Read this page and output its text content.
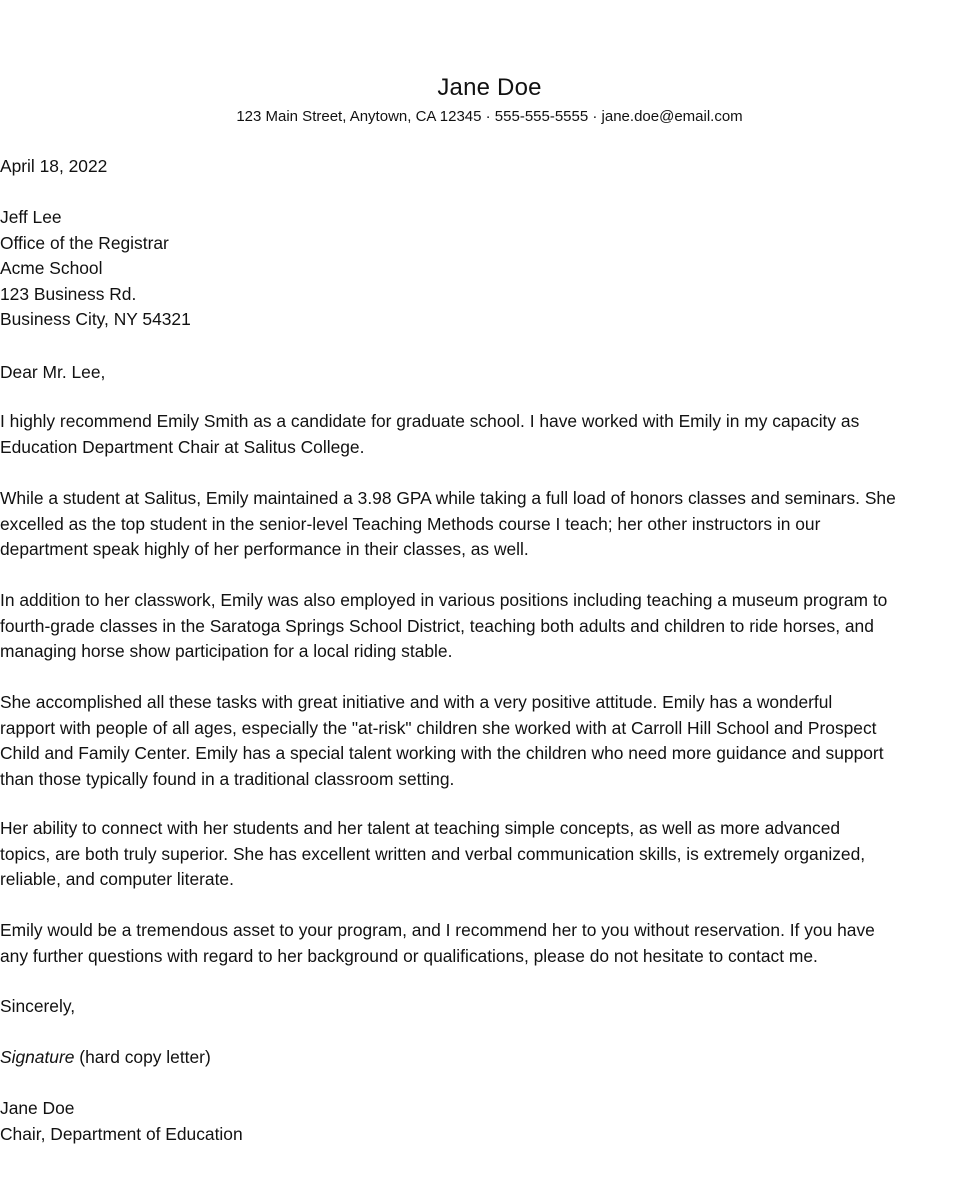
Jane Doe
123 Main Street, Anytown, CA 12345 · 555-555-5555 · jane.doe@email.com
April 18, 2022
Jeff Lee
Office of the Registrar
Acme School
123 Business Rd.
Business City, NY 54321
Dear Mr. Lee,
I highly recommend Emily Smith as a candidate for graduate school. I have worked with Emily in my capacity as
Education Department Chair at Salitus College.
While a student at Salitus, Emily maintained a 3.98 GPA while taking a full load of honors classes and seminars. She
excelled as the top student in the senior-level Teaching Methods course I teach; her other instructors in our
department speak highly of her performance in their classes, as well.
In addition to her classwork, Emily was also employed in various positions including teaching a museum program to
fourth-grade classes in the Saratoga Springs School District, teaching both adults and children to ride horses, and
managing horse show participation for a local riding stable.
She accomplished all these tasks with great initiative and with a very positive attitude. Emily has a wonderful
rapport with people of all ages, especially the "at-risk" children she worked with at Carroll Hill School and Prospect
Child and Family Center. Emily has a special talent working with the children who need more guidance and support
than those typically found in a traditional classroom setting.
Her ability to connect with her students and her talent at teaching simple concepts, as well as more advanced
topics, are both truly superior. She has excellent written and verbal communication skills, is extremely organized,
reliable, and computer literate.
Emily would be a tremendous asset to your program, and I recommend her to you without reservation. If you have
any further questions with regard to her background or qualifications, please do not hesitate to contact me.
Sincerely,
Signature (hard copy letter)
Jane Doe
Chair, Department of Education
